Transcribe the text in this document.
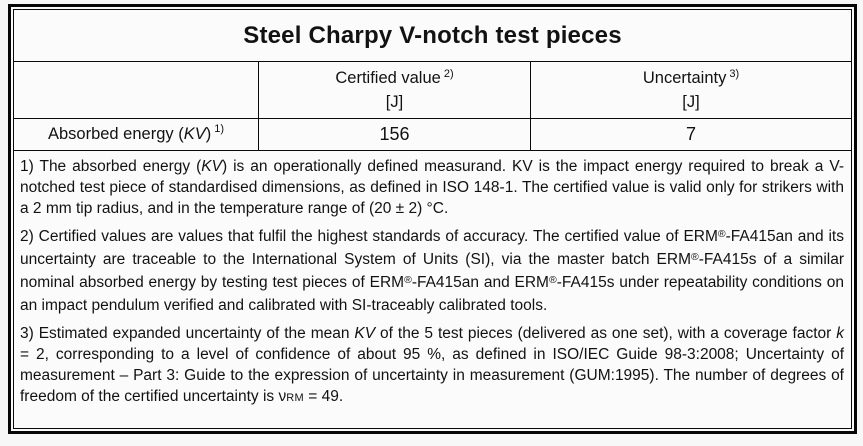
Steel Charpy V-notch test pieces
Certified value $^{2)}$
[J]
Uncertainty $^{3)}$
[J]
Absorbed energy ( KV ) 1)	156	7

1) The absorbed energy (KV) is an operationally defined measurand. KV is the impact energy required to break a V-notched test piece of standardised dimensions, as defined in ISO 148-1. The certified value is valid only for strikers with a 2 mm tip radius, and in the temperature range of (20 ± 2) °C.

2) Certified values are values that fulfil the highest standards of accuracy. The certified value of ERM®-FA415an and its uncertainty are traceable to the International System of Units (SI), via the master batch ERM®-FA415s of a similar nominal absorbed energy by testing test pieces of ERM®-FA415an and ERM®-FA415s under repeatability conditions on an impact pendulum verified and calibrated with SI-traceably calibrated tools.

3) Estimated expanded uncertainty of the mean KV of the 5 test pieces (delivered as one set), with a coverage factor k = 2, corresponding to a level of confidence of about 95 %, as defined in ISO/IEC Guide 98-3:2008; Uncertainty of measurement – Part 3: Guide to the expression of uncertainty in measurement (GUM:1995). The number of degrees of freedom of the certified uncertainty is νRM = 49.
